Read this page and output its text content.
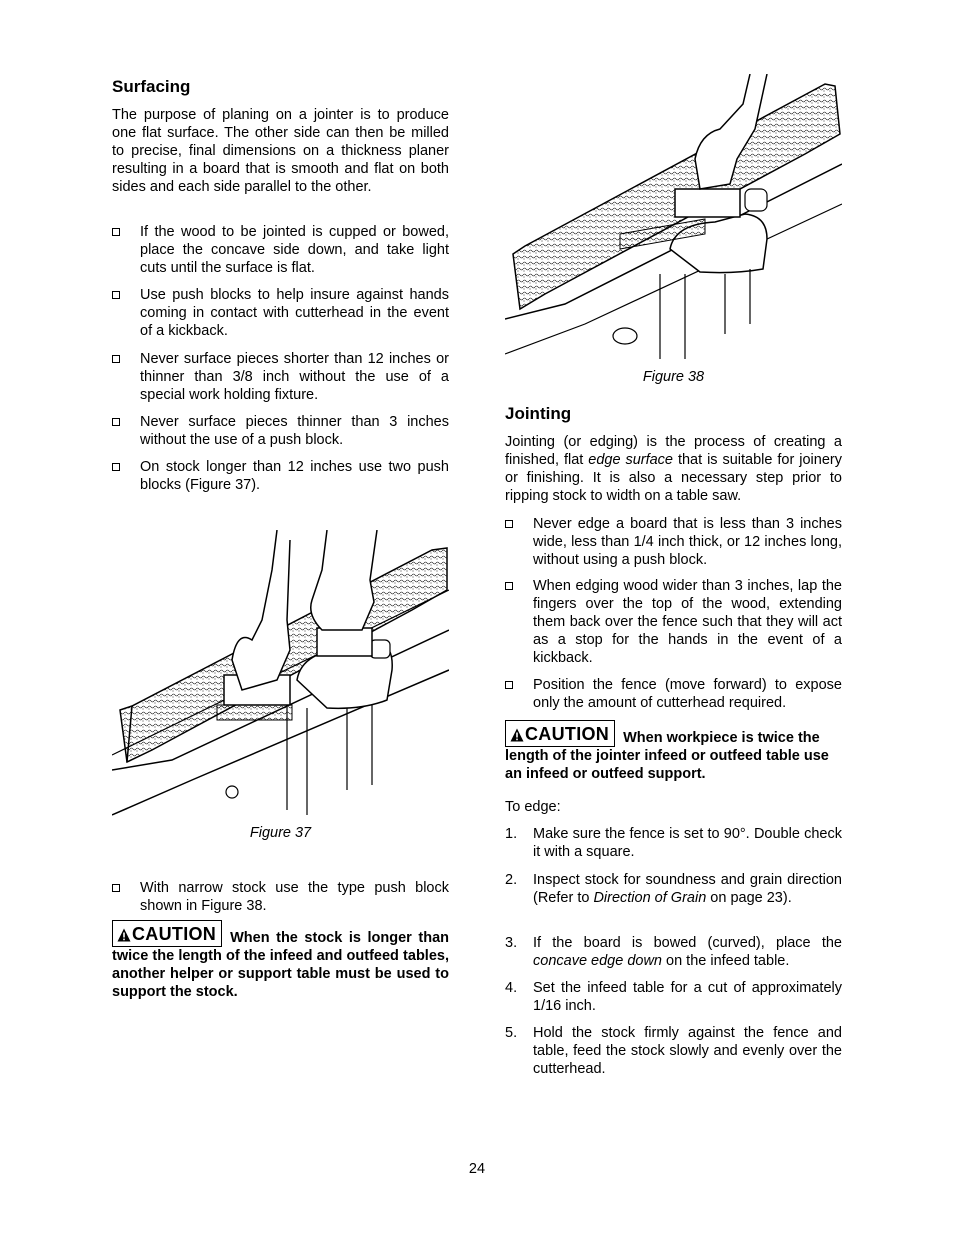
Surfacing

The purpose of planing on a jointer is to produce one flat surface. The other side can then be milled to precise, final dimensions on a thickness planer resulting in a board that is smooth and flat on both sides and each side parallel to the other.

If the wood to be jointed is cupped or bowed, place the concave side down, and take light cuts until the surface is flat.
Use push blocks to help insure against hands coming in contact with cutterhead in the event of a kickback.
Never surface pieces shorter than 12 inches or thinner than 3/8 inch without the use of a special work holding fixture.
Never surface pieces thinner than 3 inches without the use of a push block.
On stock longer than 12 inches use two push blocks (Figure 37).
Figure 37
With narrow stock use the type push block shown in Figure 38.
CAUTION When the stock is longer than twice the length of the infeed and outfeed tables, another helper or support table must be used to support the stock.
Figure 38
Jointing

Jointing (or edging) is the process of creating a finished, flat edge surface that is suitable for joinery or finishing. It is also a necessary step prior to ripping stock to width on a table saw.

Never edge a board that is less than 3 inches wide, less than 1/4 inch thick, or 12 inches long, without using a push block.
When edging wood wider than 3 inches, lap the fingers over the top of the wood, extending them back over the fence such that they will act as a stop for the hands in the event of a kickback.
Position the fence (move forward) to expose only the amount of cutterhead required.
CAUTION When workpiece is twice the length of the jointer infeed or outfeed table use an infeed or outfeed support.

To edge:

1. Make sure the fence is set to 90°. Double check it with a square.
2. Inspect stock for soundness and grain direction (Refer to Direction of Grain on page 23).
3. If the board is bowed (curved), place the concave edge down on the infeed table.
4. Set the infeed table for a cut of approximately 1/16 inch.
5. Hold the stock firmly against the fence and table, feed the stock slowly and evenly over the cutterhead.
24
